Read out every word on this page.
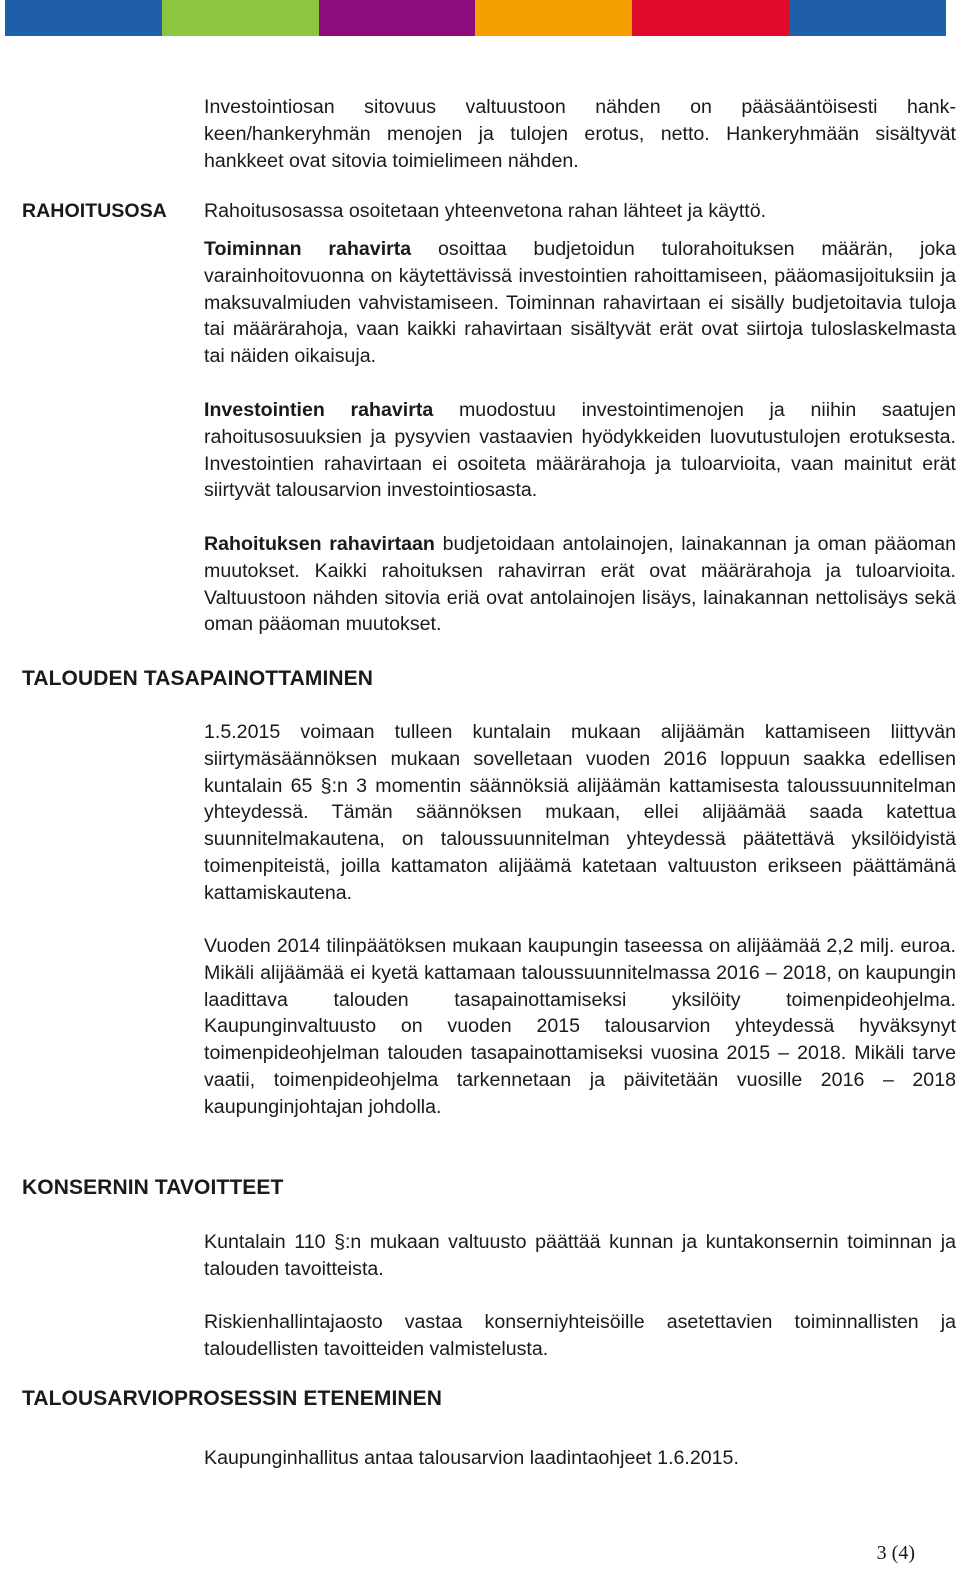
Investointiosan sitovuus valtuustoon nähden on pääsääntöisesti hankkeen/hankeryhmän menojen ja tulojen erotus, netto. Hankeryhmään sisältyvät hankkeet ovat sitovia toimielimeen nähden.

RAHOITUSOSA Rahoitusosassa osoitetaan yhteenvetona rahan lähteet ja käyttö.

Toiminnan rahavirta osoittaa budjetoidun tulorahoituksen määrän, joka varainhoitovuonna on käytettävissä investointien rahoittamiseen, pääomasijoituksiin ja maksuvalmiuden vahvistamiseen. Toiminnan rahavirtaan ei sisälly budjetoitavia tuloja tai määrärahoja, vaan kaikki rahavirtaan sisältyvät erät ovat siirtoja tuloslaskelmasta tai näiden oikaisuja.

Investointien rahavirta muodostuu investointimenojen ja niihin saatujen rahoitusosuuksien ja pysyvien vastaavien hyödykkeiden luovutustulojen erotuksesta. Investointien rahavirtaan ei osoiteta määrärahoja ja tuloarvioita, vaan mainitut erät siirtyvät talousarvion investointiosasta.

Rahoituksen rahavirtaan budjetoidaan antolainojen, lainakannan ja oman pääoman muutokset. Kaikki rahoituksen rahavirran erät ovat määrärahoja ja tuloarvioita. Valtuustoon nähden sitovia eriä ovat antolainojen lisäys, lainakannan nettolisäys sekä oman pääoman muutokset.

TALOUDEN TASAPAINOTTAMINEN

1.5.2015 voimaan tulleen kuntalain mukaan alijäämän kattamiseen liittyvän siirtymäsäännöksen mukaan sovelletaan vuoden 2016 loppuun saakka edellisen kuntalain 65 §:n 3 momentin säännöksiä alijäämän kattamisesta taloussuunnitelman yhteydessä. Tämän säännöksen mukaan, ellei alijäämää saada katettua suunnitelmakautena, on taloussuunnitelman yhteydessä päätettävä yksilöidyistä toimenpiteistä, joilla kattamaton alijäämä katetaan valtuuston erikseen päättämänä kattamiskautena.

Vuoden 2014 tilinpäätöksen mukaan kaupungin taseessa on alijäämää 2,2 milj. euroa. Mikäli alijäämää ei kyetä kattamaan taloussuunnitelmassa 2016 – 2018, on kaupungin laadittava talouden tasapainottamiseksi yksilöity toimenpideohjelma. Kaupunginvaltuusto on vuoden 2015 talousarvion yhteydessä hyväksynyt toimenpideohjelman talouden tasapainottamiseksi vuosina 2015 – 2018. Mikäli tarve vaatii, toimenpideohjelma tarkennetaan ja päivitetään vuosille 2016 – 2018 kaupunginjohtajan johdolla.

KONSERNIN TAVOITTEET

Kuntalain 110 §:n mukaan valtuusto päättää kunnan ja kuntakonsernin toiminnan ja talouden tavoitteista.

Riskienhallintajaosto vastaa konserniyhteisöille asetettavien toiminnallisten ja taloudellisten tavoitteiden valmistelusta.

TALOUSARVIOPROSESSIN ETENEMINEN

Kaupunginhallitus antaa talousarvion laadintaohjeet 1.6.2015.

3 (4)
